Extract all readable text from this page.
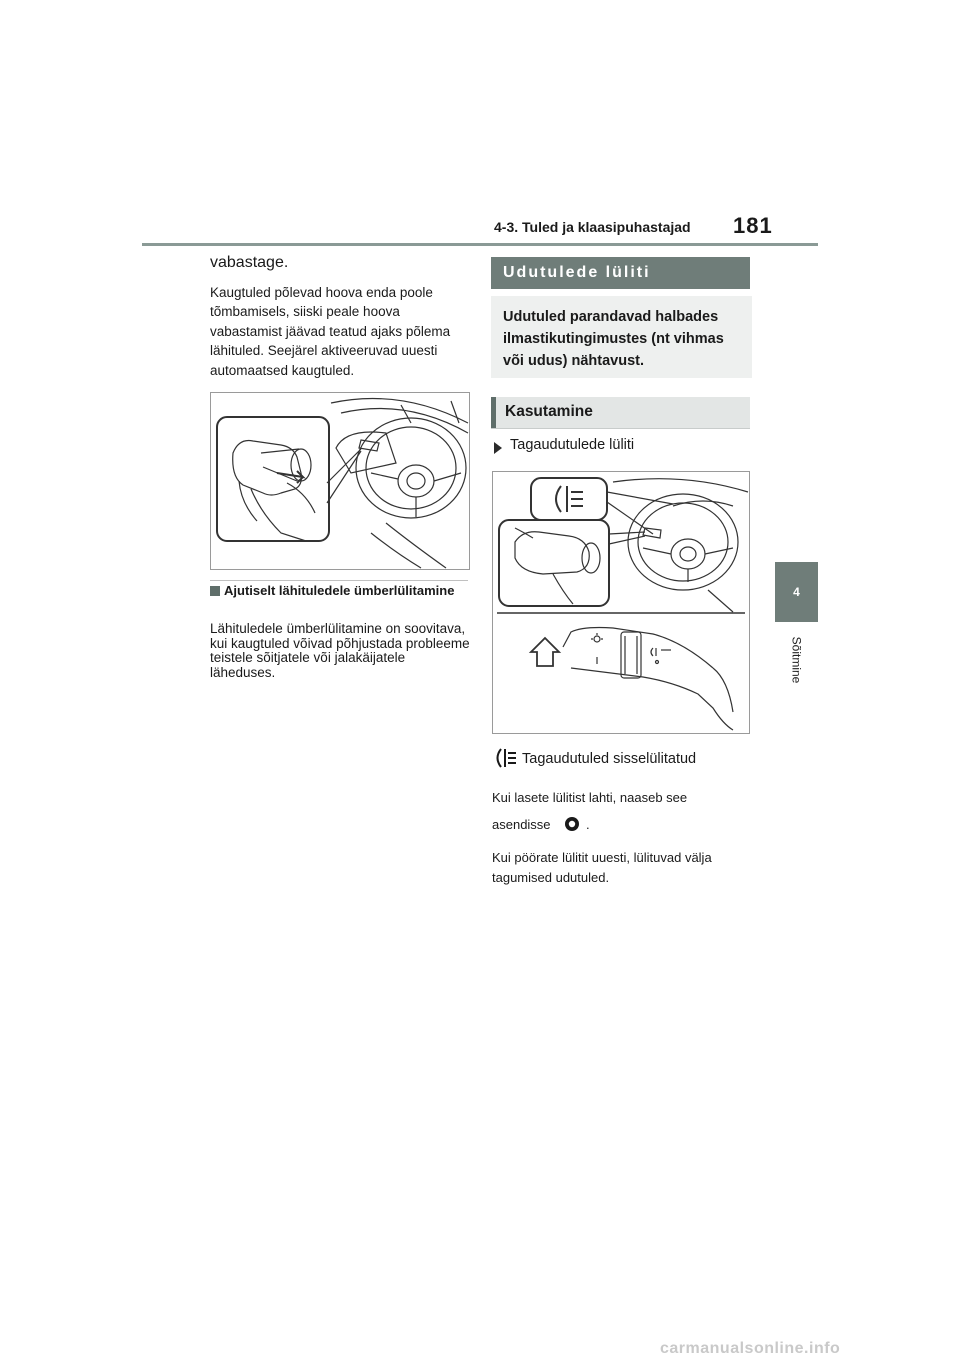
4-3. Tuled ja klaasipuhastajad 181
4
Sõitmine
vabastage.
Kaugtuled põlevad hoova enda poole tõmbamisels, siiski peale hoova vabastamist jäävad teatud ajaks põlema lähituled. Seejärel aktiveeruvad uuesti automaatsed kaugtuled.
Ajutiselt lähituledele ümberlülitamine
Lähituledele ümberlülitamine on soovitava, kui kaugtuled võivad põhjustada probleeme teistele sõitjatele või jalakäijatele läheduses.
Udutulede lüliti
Udutuled parandavad halbades ilmastikutingimustes (nt vihmas või udus) nähtavust.
Kasutamine
Tagaudutulede lüliti
Tagaudutuled sisselülitatud
Kui lasete lülitist lahti, naaseb see
asendisse	.
Kui pöörate lülitit uuesti, lülituvad välja tagumised udutuled.
carmanualsonline.info
